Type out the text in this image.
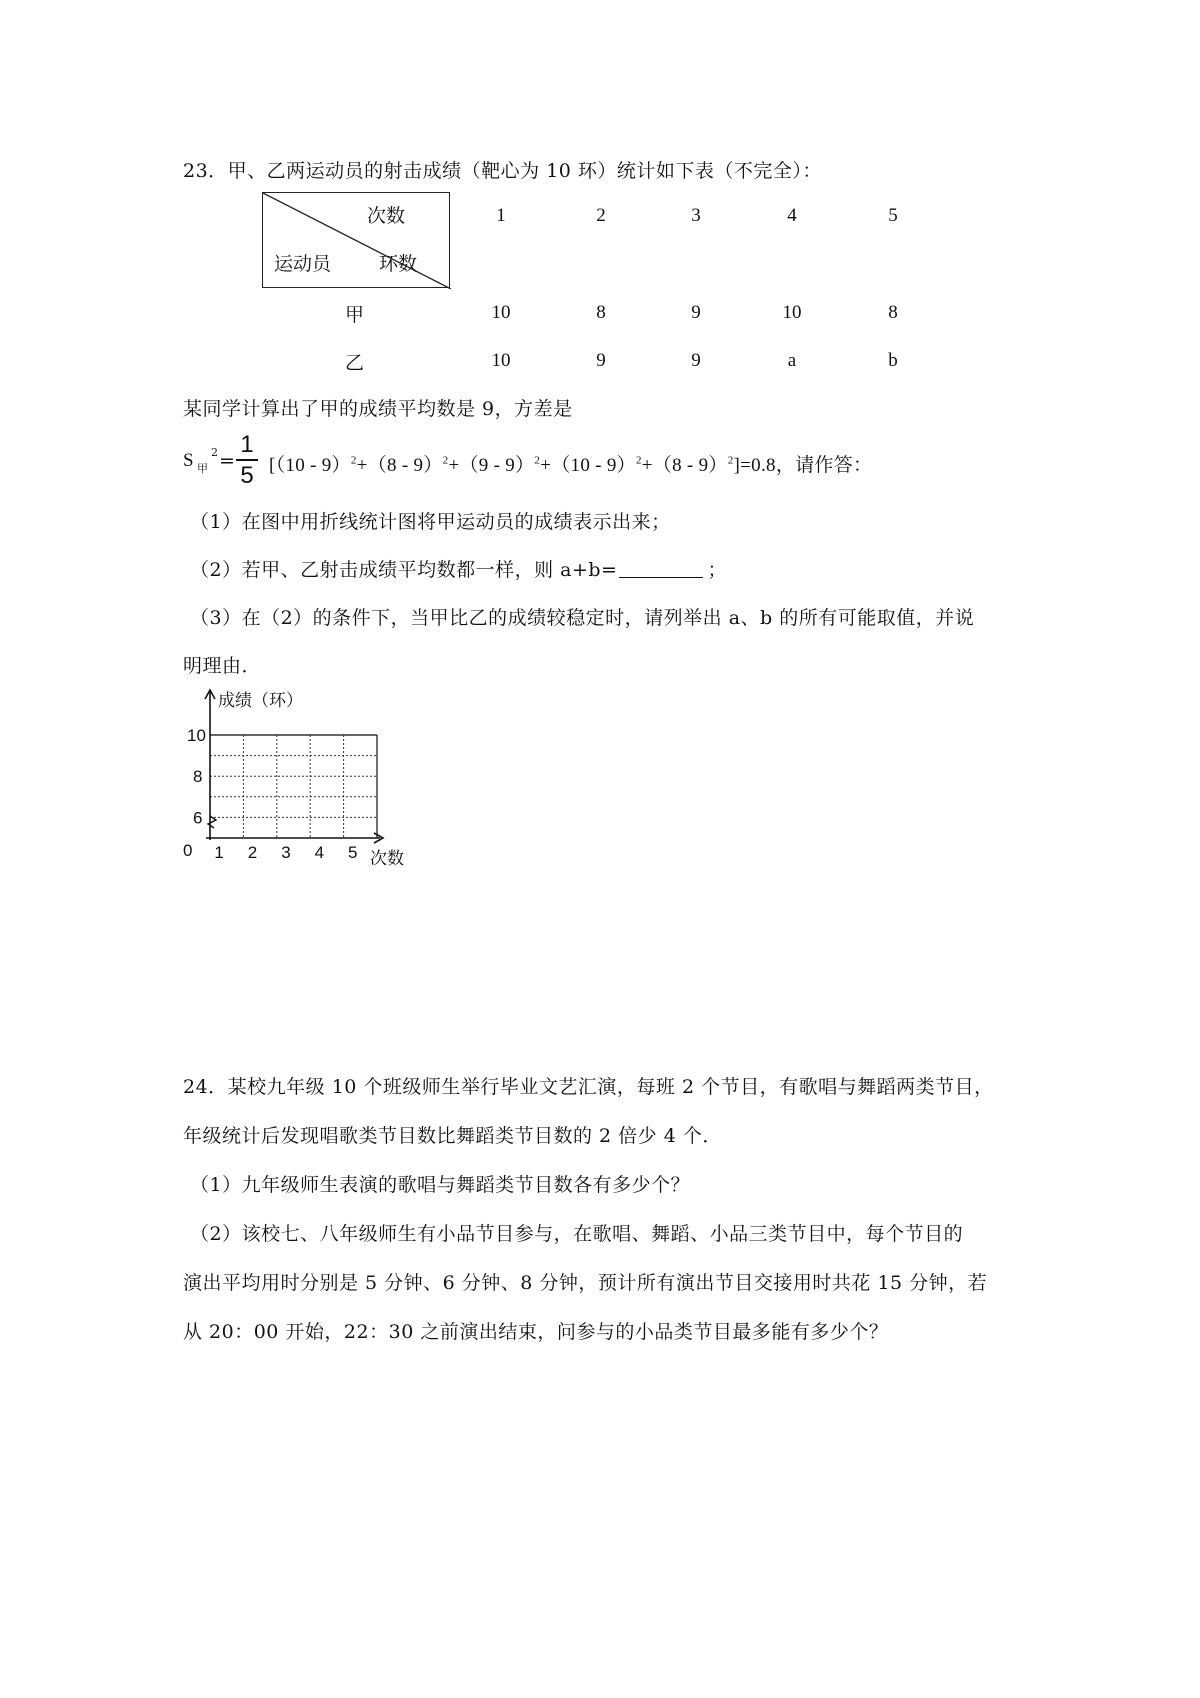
23．甲、乙两运动员的射击成绩（靶心为 10 环）统计如下表（不完全）：
次数
运动员	环数
1	2	3	4	5
甲	10	8	9	10	8
乙	10	9	9	a	b
某同学计算出了甲的成绩平均数是 9，方差是
S 甲
2 =
1
5 [（10 - 9）$^2$+（8 - 9）$^2$+（9 - 9）$^2$+（10 - 9）$^2$+（8 - 9）$^2$]=0.8，请作答：
（1）在图中用折线统计图将甲运动员的成绩表示出来；
（2）若甲、乙射击成绩平均数都一样，则 a+b=	；
（3）在（2）的条件下，当甲比乙的成绩较稳定时，请列举出 a、b 的所有可能取值，并说
明理由．
0
6
8
10
1 2 3 4 5
成绩（环）
次数
24．某校九年级 10 个班级师生举行毕业文艺汇演，每班 2 个节目，有歌唱与舞蹈两类节目，
年级统计后发现唱歌类节目数比舞蹈类节目数的 2 倍少 4 个．
（1）九年级师生表演的歌唱与舞蹈类节目数各有多少个？
（2）该校七、八年级师生有小品节目参与，在歌唱、舞蹈、小品三类节目中，每个节目的
演出平均用时分别是 5 分钟、6 分钟、8 分钟，预计所有演出节目交接用时共花 15 分钟，若
从 20：00 开始，22：30 之前演出结束，问参与的小品类节目最多能有多少个？
